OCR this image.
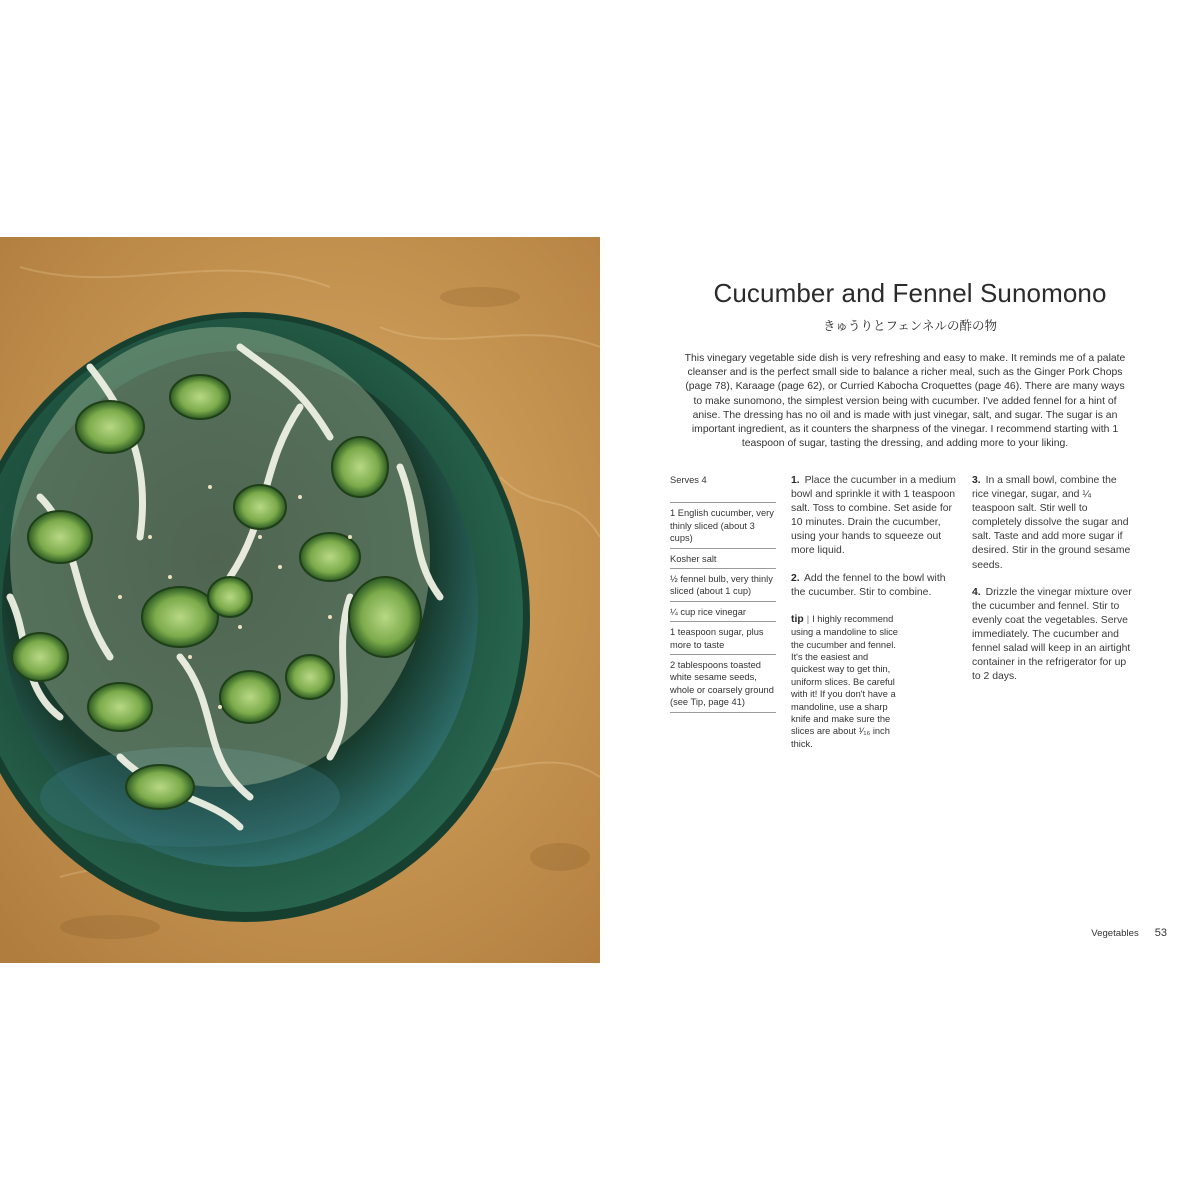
Cucumber and Fennel Sunomono

きゅうりとフェンネルの酢の物

This vinegary vegetable side dish is very refreshing and easy to make. It reminds me of a palate cleanser and is the perfect small side to balance a richer meal, such as the Ginger Pork Chops (page 78), Karaage (page 62), or Curried Kabocha Croquettes (page 46). There are many ways to make sunomono, the simplest version being with cucumber. I've added fennel for a hint of anise. The dressing has no oil and is made with just vinegar, salt, and sugar. The sugar is an important ingredient, as it counters the sharpness of the vinegar. I recommend starting with 1 teaspoon of sugar, tasting the dressing, and adding more to your liking.

Serves 4
1 English cucumber, very thinly sliced (about 3 cups)
Kosher salt
½ fennel bulb, very thinly sliced (about 1 cup)
¼ cup rice vinegar
1 teaspoon sugar, plus more to taste
2 tablespoons toasted white sesame seeds, whole or coarsely ground (see Tip, page 41)

1. Place the cucumber in a medium bowl and sprinkle it with 1 teaspoon salt. Toss to combine. Set aside for 10 minutes. Drain the cucumber, using your hands to squeeze out more liquid.

2. Add the fennel to the bowl with the cucumber. Stir to combine.

tip | I highly recommend using a mandoline to slice the cucumber and fennel. It's the easiest and quickest way to get thin, uniform slices. Be careful with it! If you don't have a mandoline, use a sharp knife and make sure the slices are about ¹⁄₁₆ inch thick.

3. In a small bowl, combine the rice vinegar, sugar, and ¼ teaspoon salt. Stir well to completely dissolve the sugar and salt. Taste and add more sugar if desired. Stir in the ground sesame seeds.

4. Drizzle the vinegar mixture over the cucumber and fennel. Stir to evenly coat the vegetables. Serve immediately. The cucumber and fennel salad will keep in an airtight container in the refrigerator for up to 2 days.

Vegetables 53
